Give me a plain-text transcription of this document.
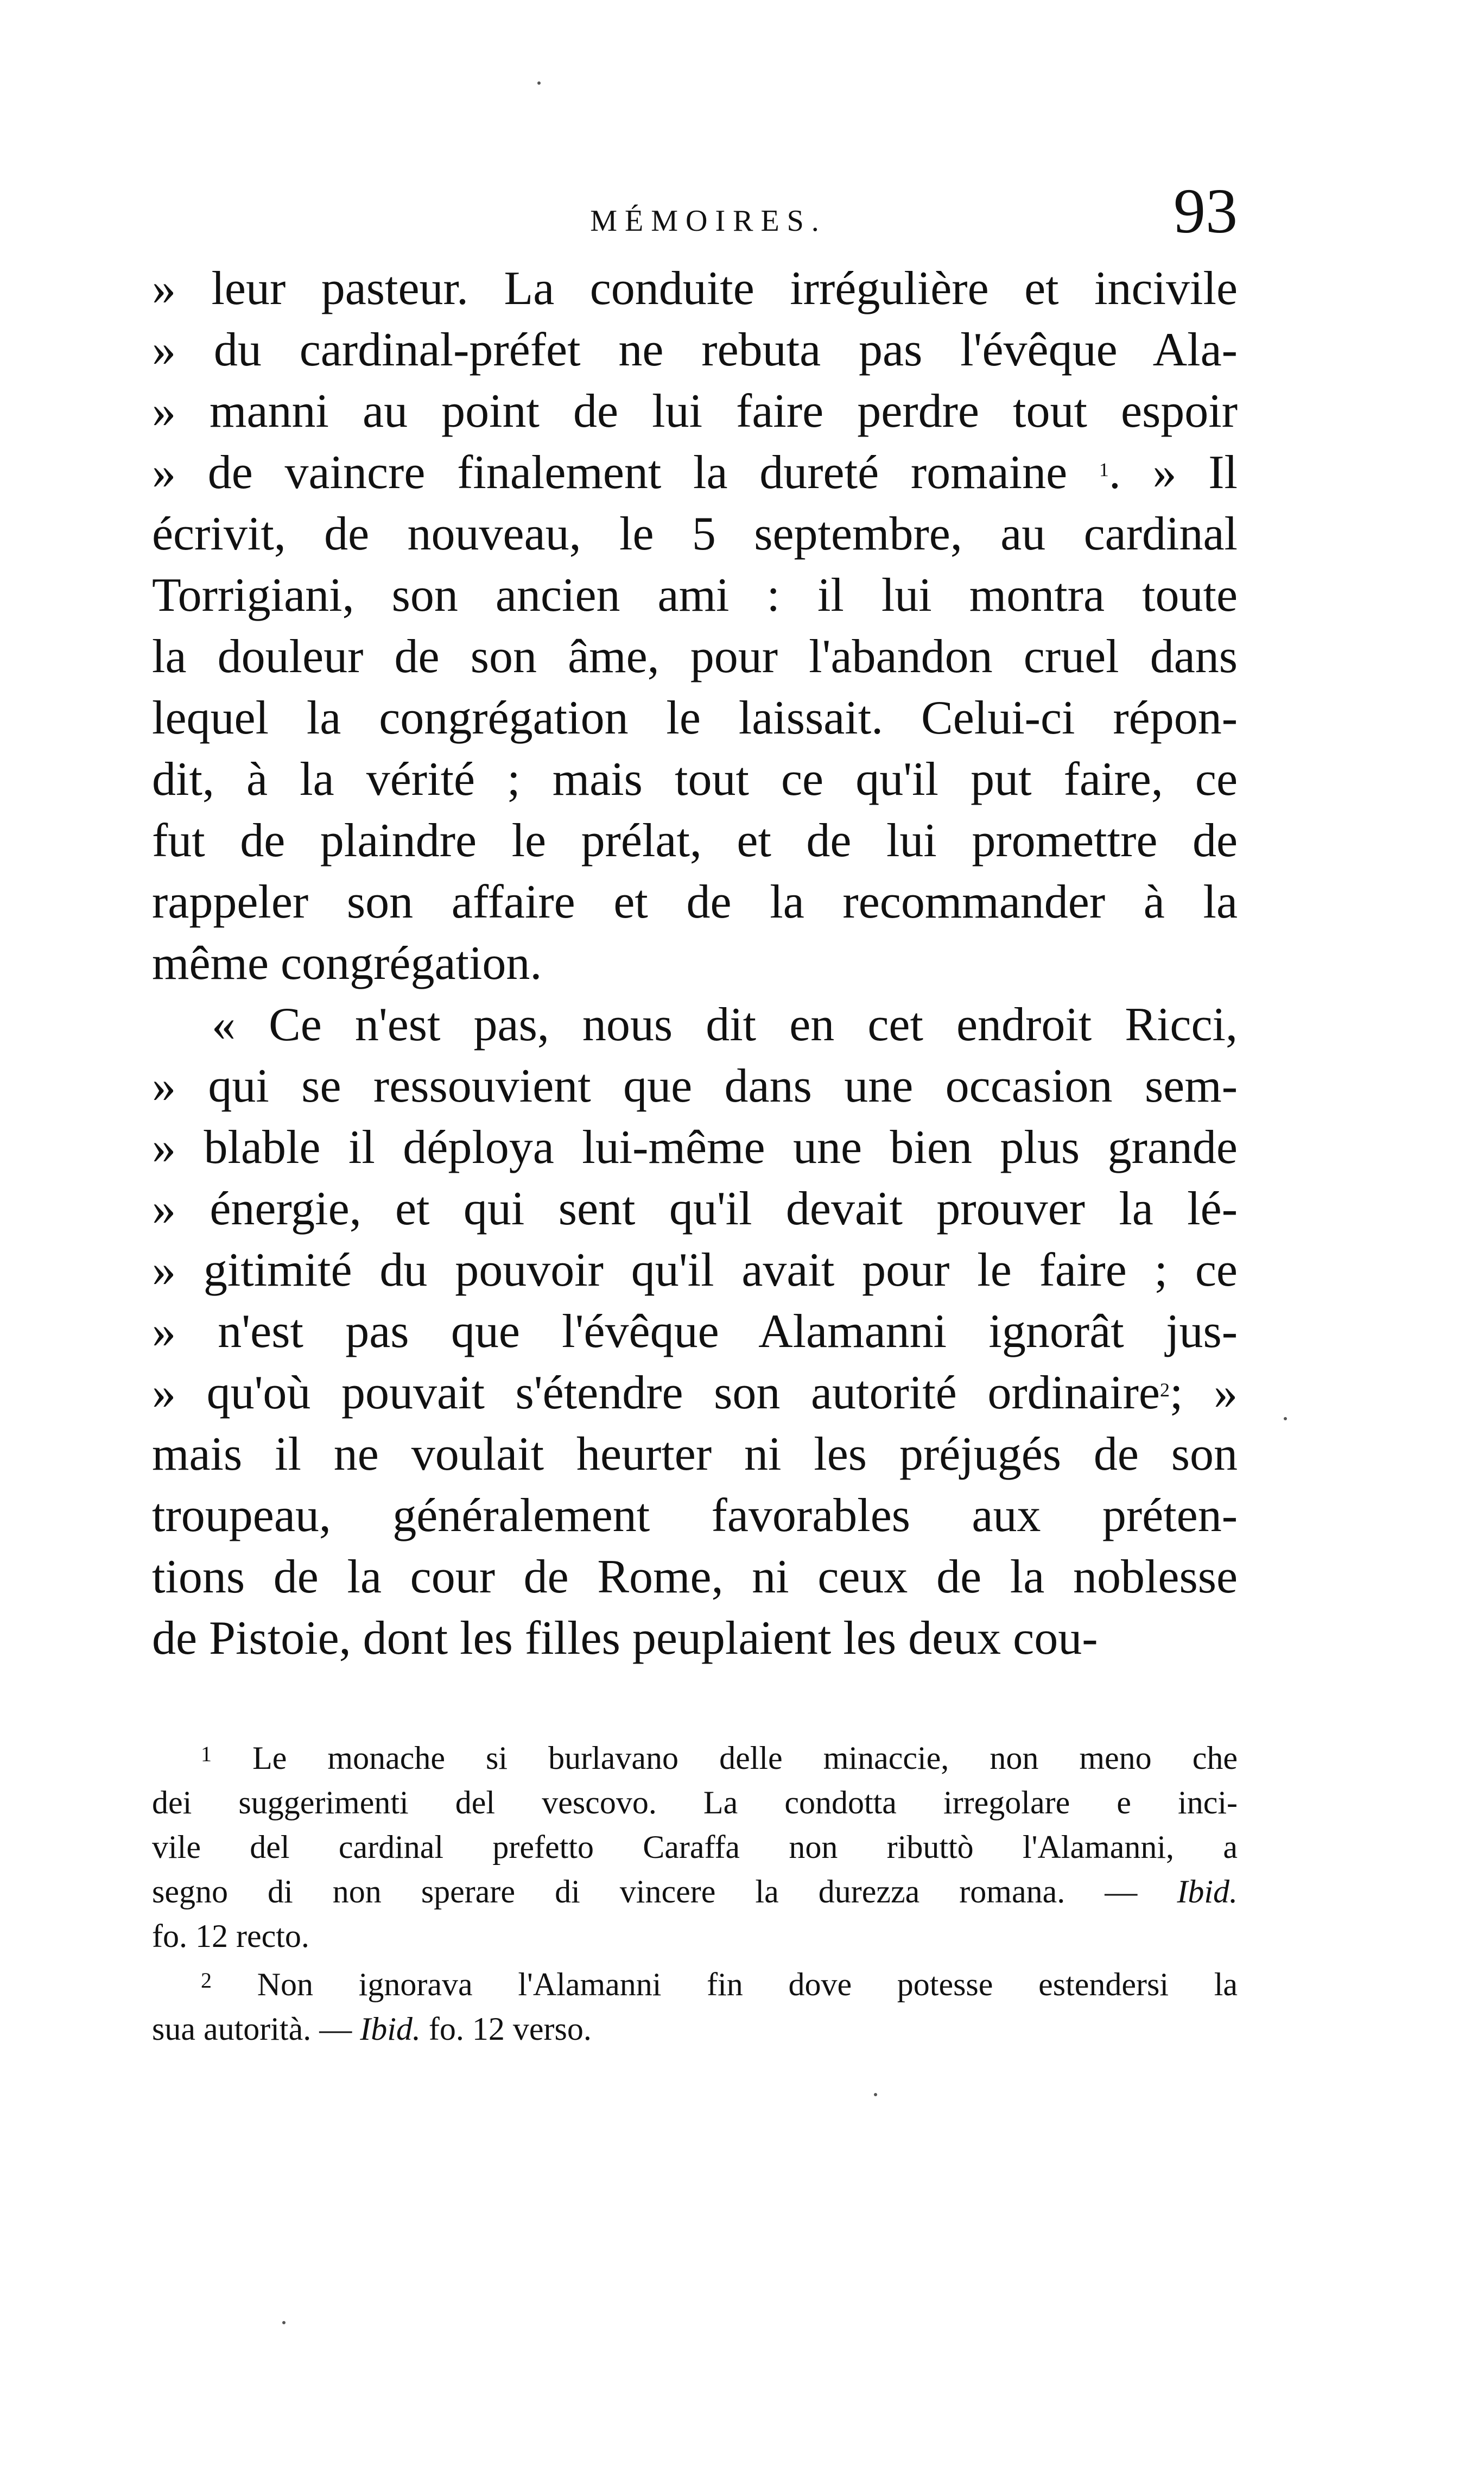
MÉMOIRES.	93

» leur pasteur. La conduite irrégulière et incivile

» du cardinal-préfet ne rebuta pas l'évêque Ala-

» manni au point de lui faire perdre tout espoir

» de vaincre finalement la dureté romaine $^1$. » Il

écrivit, de nouveau, le 5 septembre, au cardinal

Torrigiani, son ancien ami : il lui montra toute

la douleur de son âme, pour l'abandon cruel dans

lequel la congrégation le laissait. Celui-ci répon-

dit, à la vérité ; mais tout ce qu'il put faire, ce

fut de plaindre le prélat, et de lui promettre de

rappeler son affaire et de la recommander à la

même congrégation.

« Ce n'est pas, nous dit en cet endroit Ricci,

» qui se ressouvient que dans une occasion sem-

» blable il déploya lui-même une bien plus grande

» énergie, et qui sent qu'il devait prouver la lé-

» gitimité du pouvoir qu'il avait pour le faire ; ce

» n'est pas que l'évêque Alamanni ignorât jus-

» qu'où pouvait s'étendre son autorité ordinaire$^2$; »

mais il ne voulait heurter ni les préjugés de son

troupeau, généralement favorables aux préten-

tions de la cour de Rome, ni ceux de la noblesse

de Pistoie, dont les filles peuplaient les deux cou-

$^1$ Le monache si burlavano delle minaccie, non meno che

dei suggerimenti del vescovo. La condotta irregolare e inci-

vile del cardinal prefetto Caraffa non ributtò l'Alamanni, a

segno di non sperare di vincere la durezza romana. — Ibid.

fo. 12 recto.

$^2$ Non ignorava l'Alamanni fin dove potesse estendersi la

sua autorità. — Ibid. fo. 12 verso.
